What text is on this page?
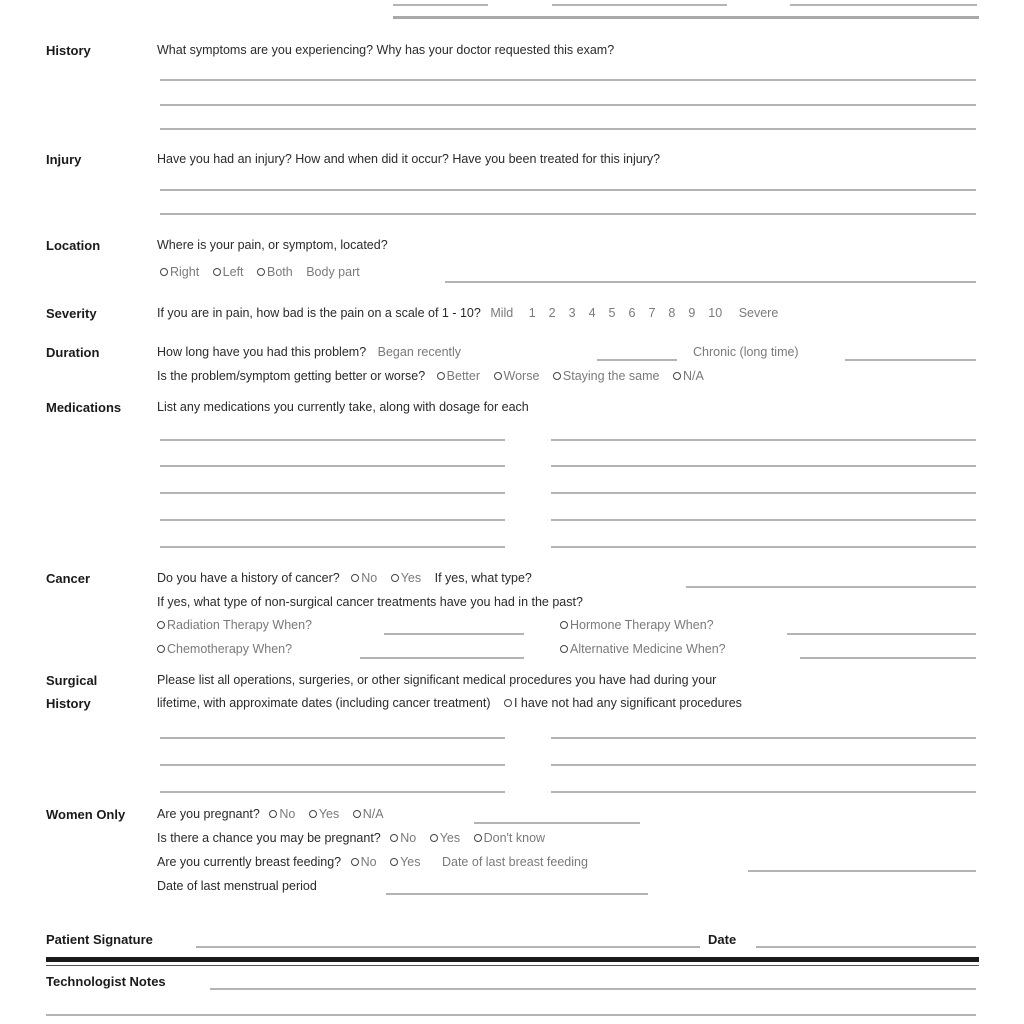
History	What symptoms are you experiencing? Why has your doctor requested this exam?
Injury	Have you had an injury? How and when did it occur? Have you been treated for this injury?
Location	Where is your pain, or symptom, located?
Right Left Both Body part
Severity	If you are in pain, how bad is the pain on a scale of 1 - 10? Mild 1 2 3 4 5 6 7 8 9 10 Severe
Duration	How long have you had this problem? Began recently	Chronic (long time)
Is the problem/symptom getting better or worse? Better Worse Staying the same N/A
Medications	List any medications you currently take, along with dosage for each
Cancer	Do you have a history of cancer? No Yes If yes, what type?
If yes, what type of non-surgical cancer treatments have you had in the past?
Radiation Therapy When?	Hormone Therapy When?
Chemotherapy When?	Alternative Medicine When?
Surgical
History
Please list all operations, surgeries, or other significant medical procedures you have had during your
lifetime, with approximate dates (including cancer treatment) I have not had any significant procedures
Women Only	Are you pregnant? No Yes N/A
Is there a chance you may be pregnant? No Yes Don't know
Are you currently breast feeding? No Yes Date of last breast feeding
Date of last menstrual period
Patient Signature	Date
Technologist Notes
